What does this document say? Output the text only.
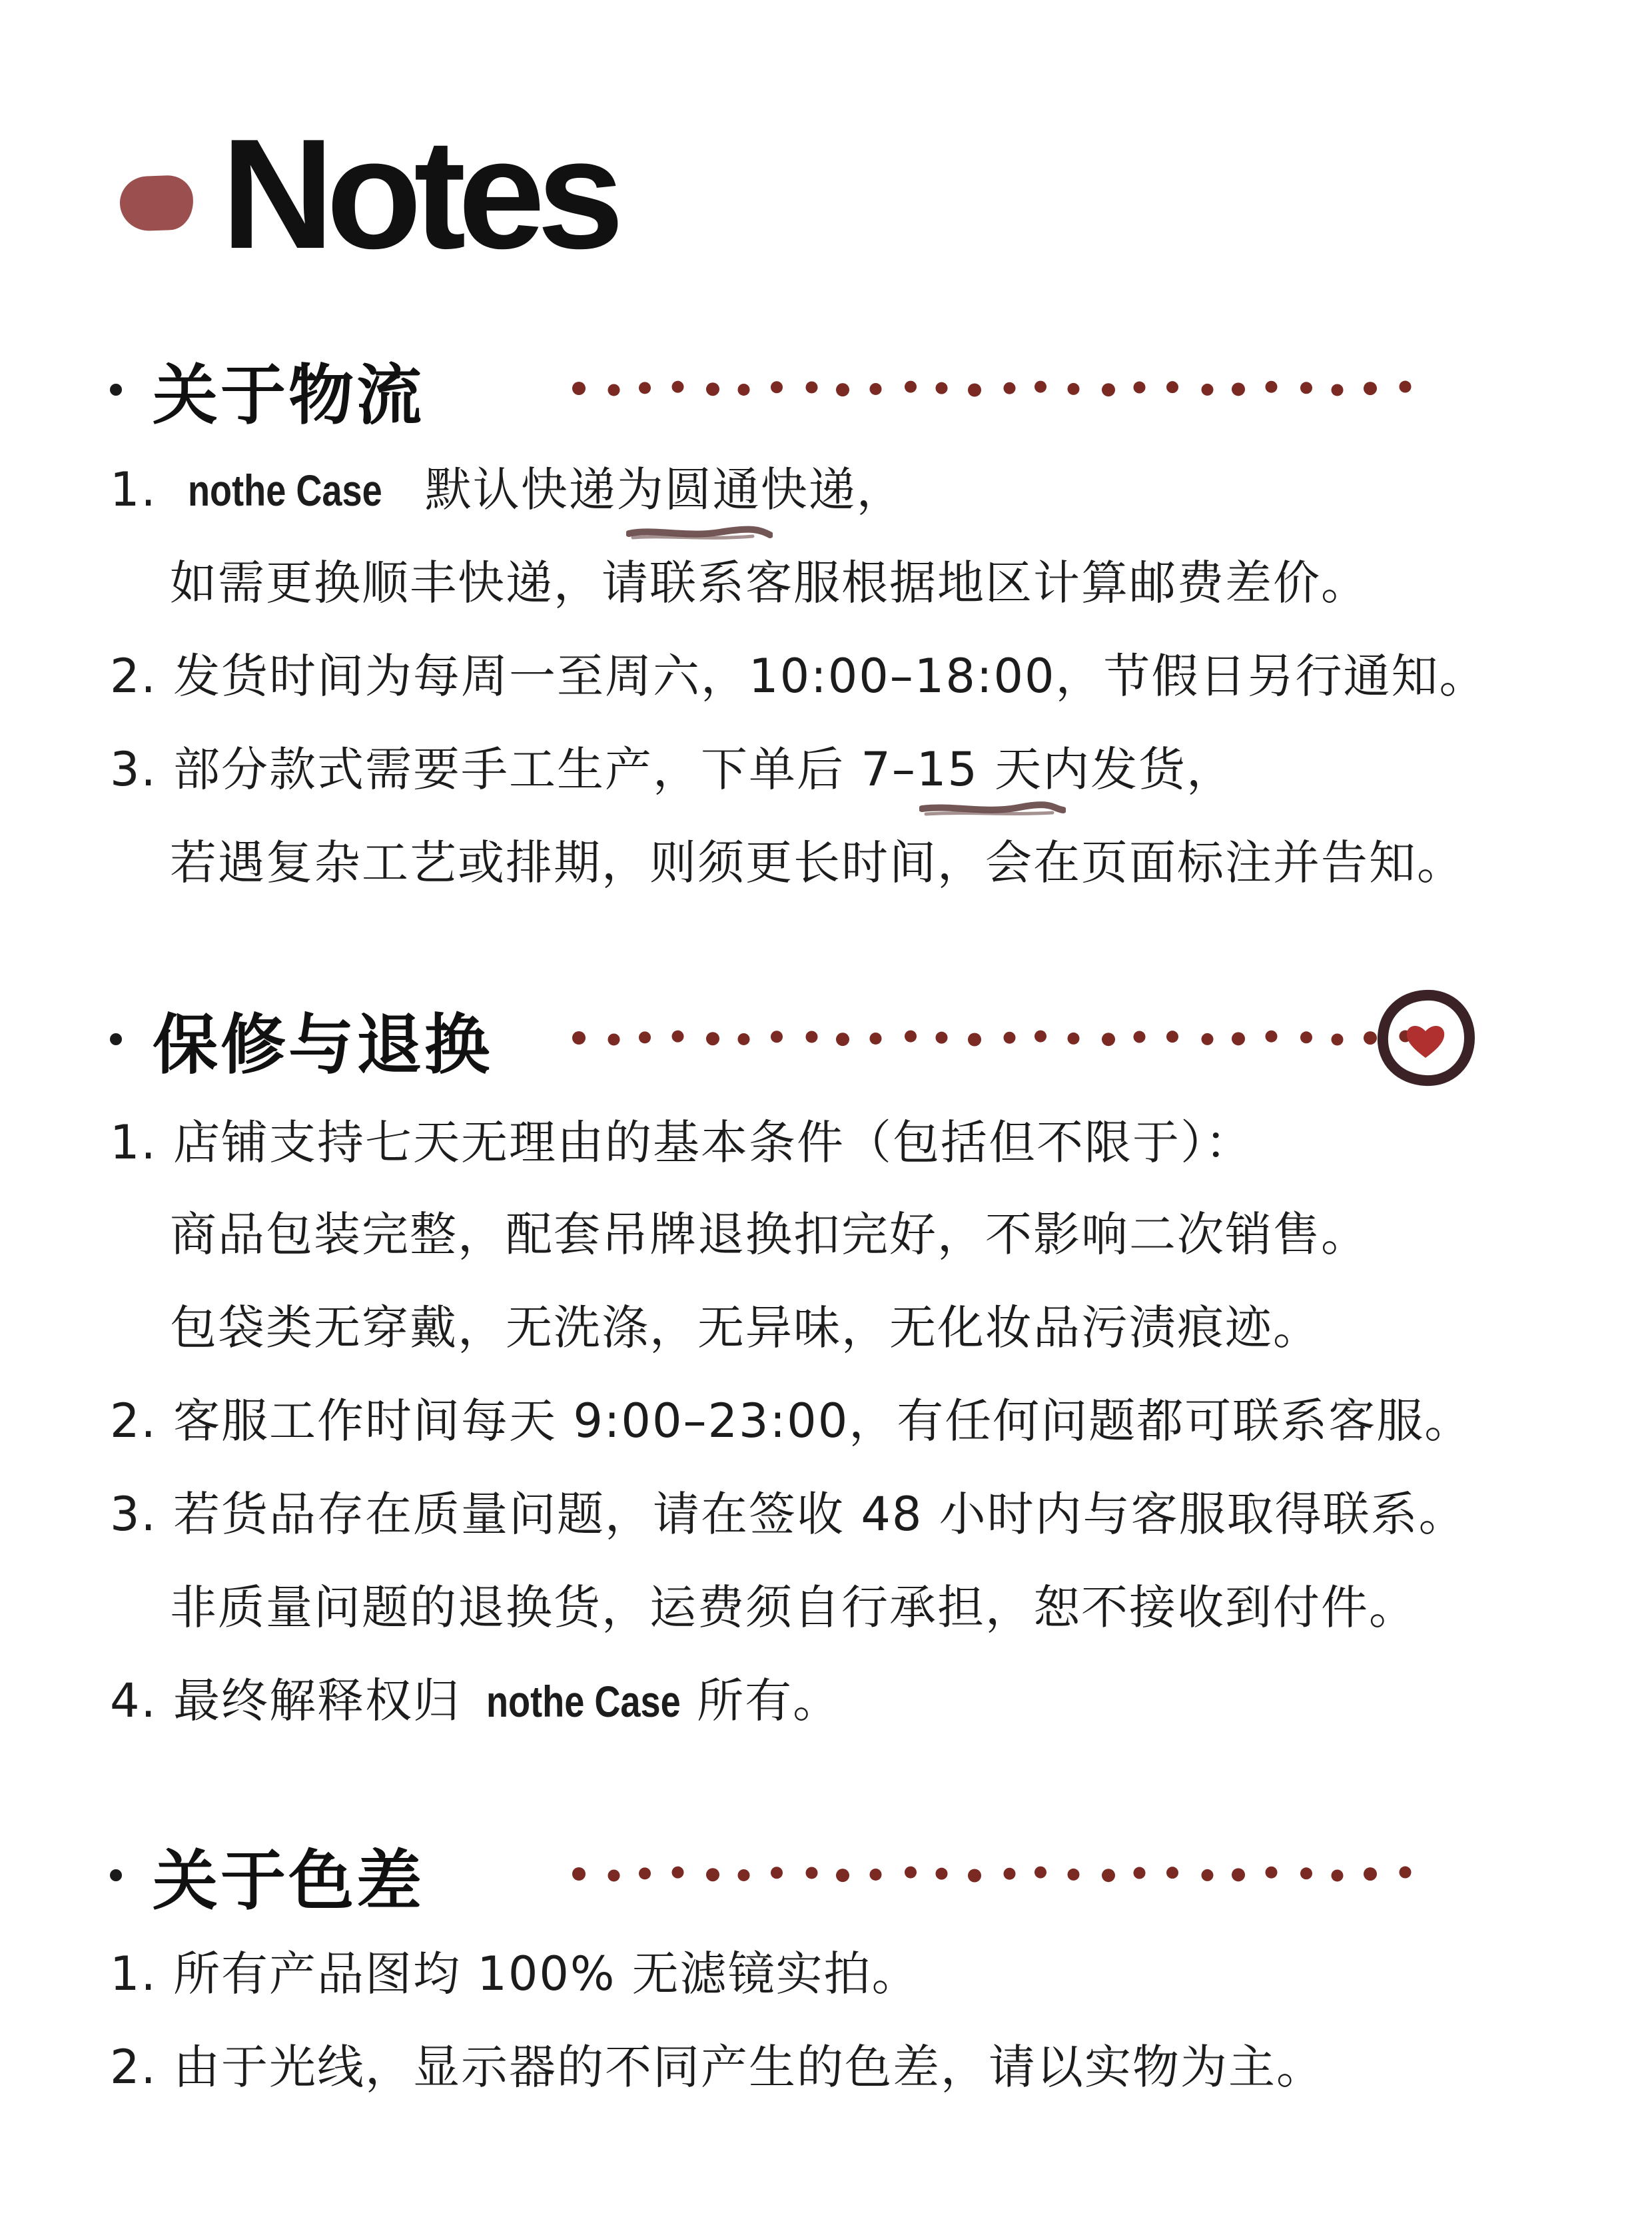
Notes
关于物流
1. nothe Case 默认快递为圆通快递，
如需更换顺丰快递，请联系客服根据地区计算邮费差价。
2. 发货时间为每周一至周六，10:00–18:00，节假日另行通知。
3. 部分款式需要手工生产，下单后 7–15 天内发货，
若遇复杂工艺或排期，则须更长时间，会在页面标注并告知。
保修与退换
1. 店铺支持七天无理由的基本条件（包括但不限于）：
商品包装完整，配套吊牌退换扣完好，不影响二次销售。
包袋类无穿戴，无洗涤，无异味，无化妆品污渍痕迹。
2. 客服工作时间每天 9:00–23:00，有任何问题都可联系客服。
3. 若货品存在质量问题，请在签收 48 小时内与客服取得联系。
非质量问题的退换货，运费须自行承担，恕不接收到付件。
4. 最终解释权归 nothe Case 所有。
关于色差
1. 所有产品图均 100% 无滤镜实拍。
2. 由于光线，显示器的不同产生的色差，请以实物为主。
